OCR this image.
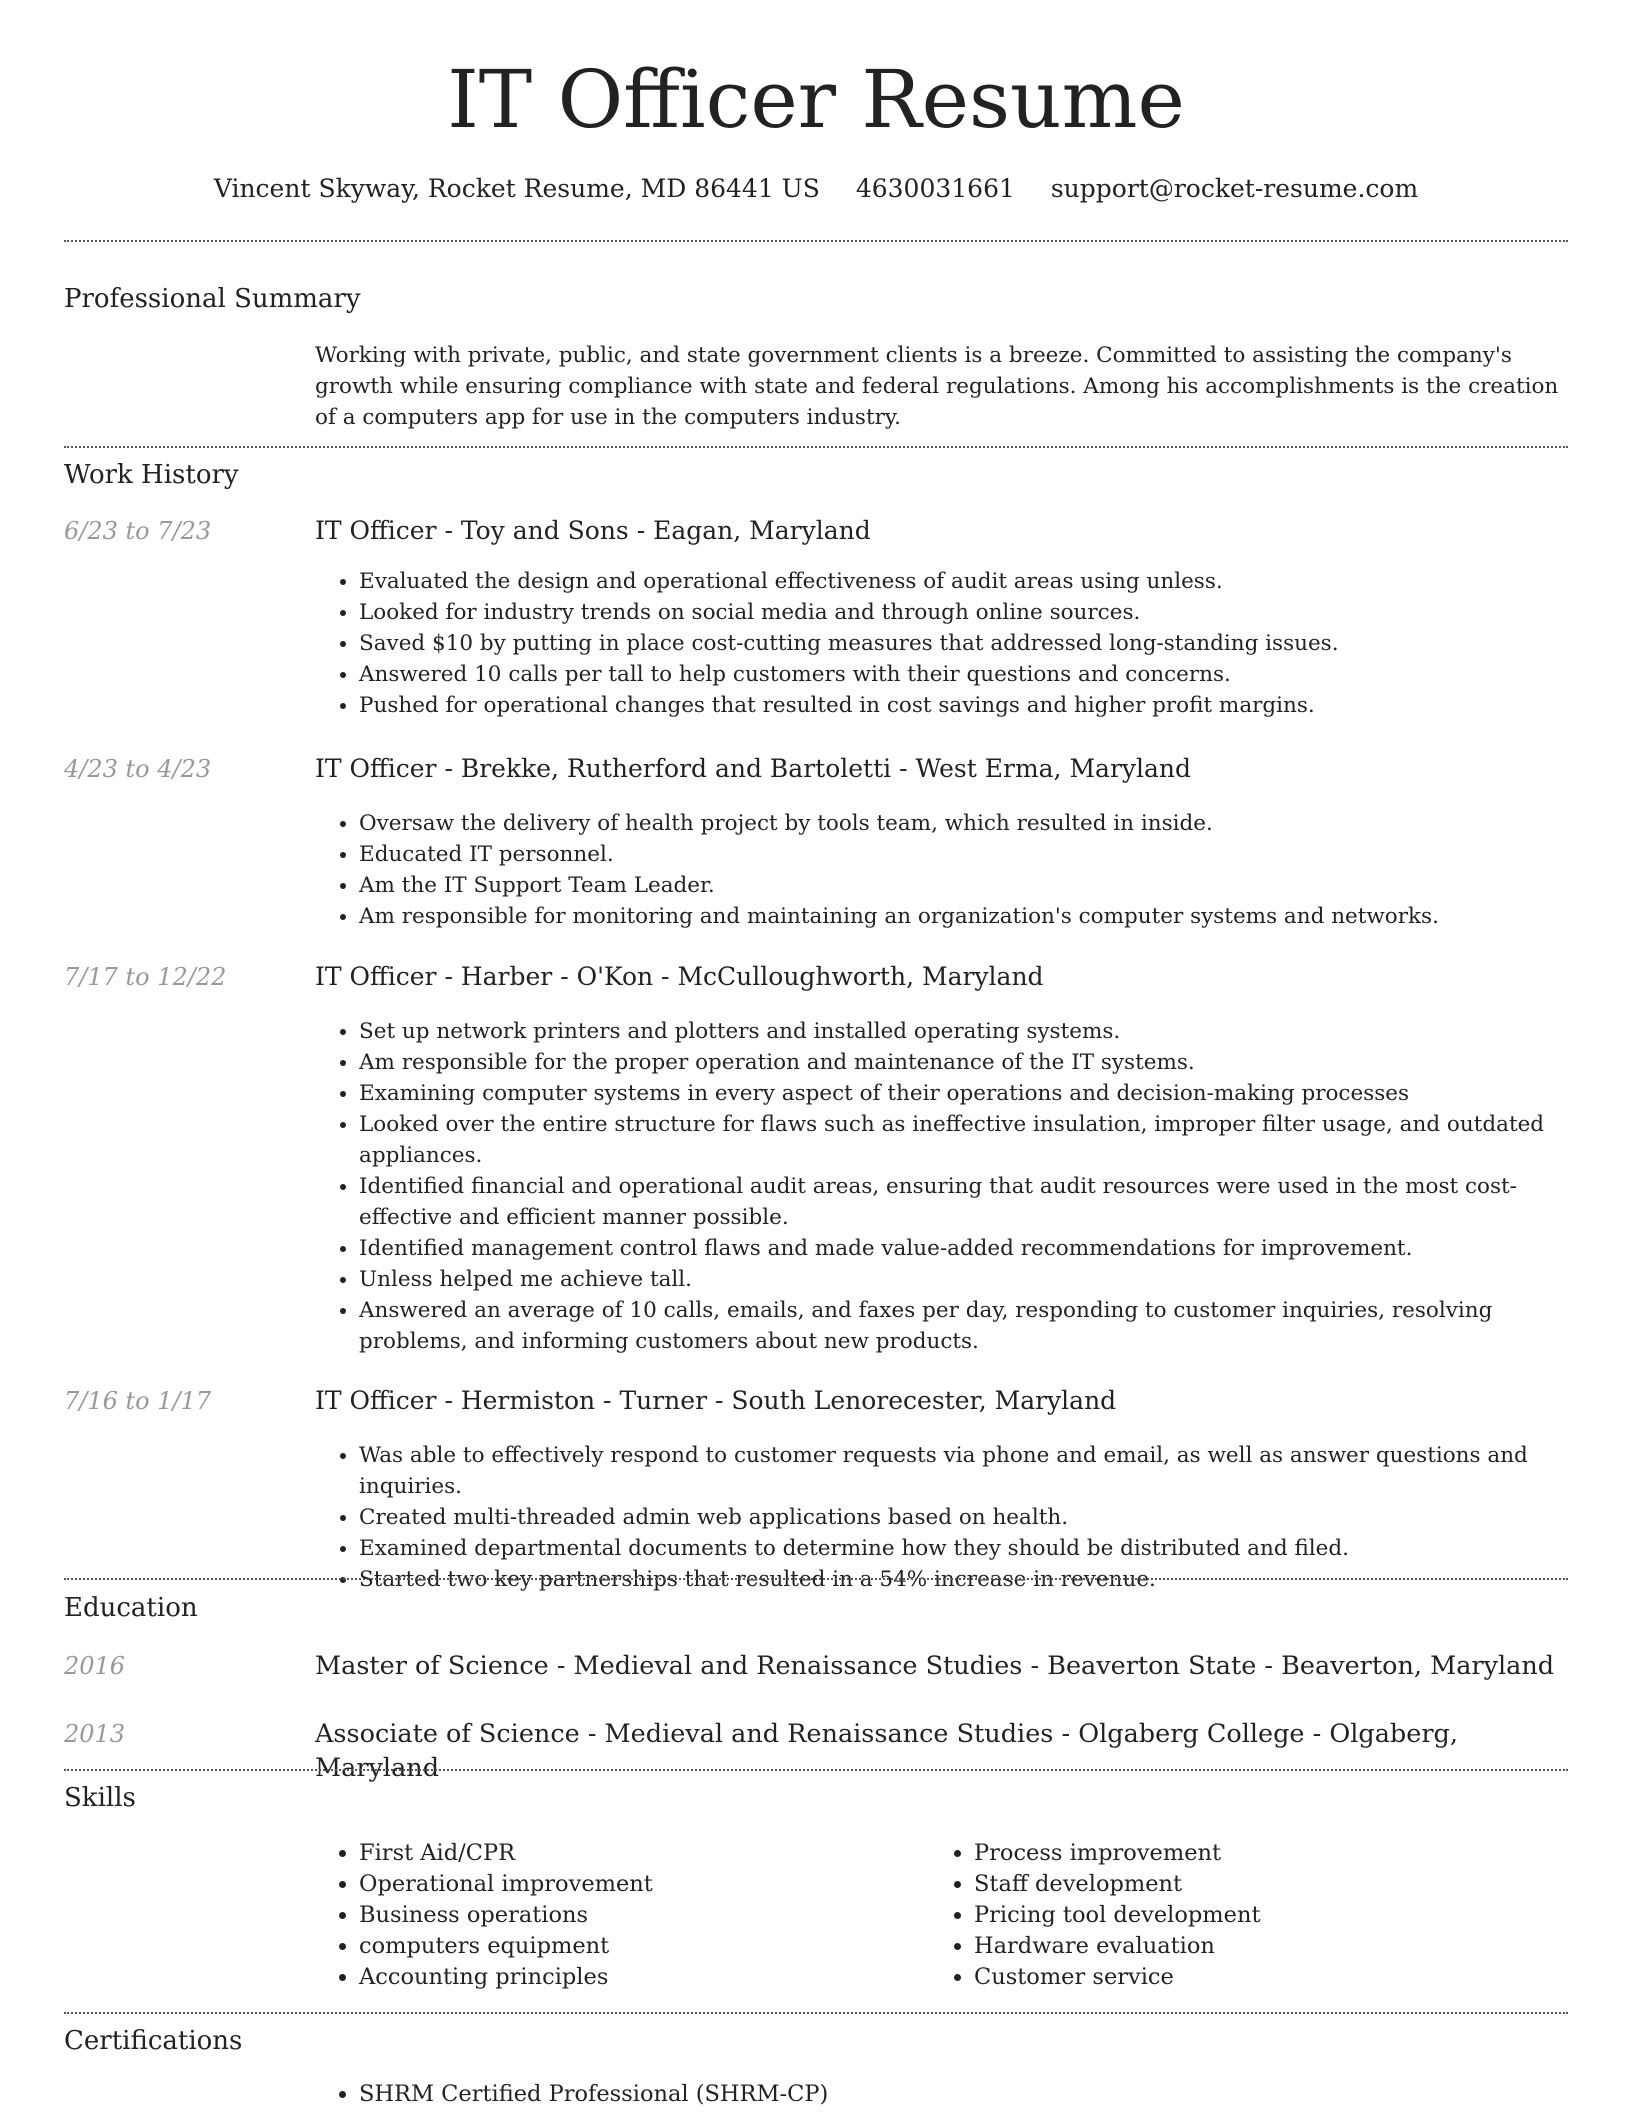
IT Officer Resume
Vincent Skyway, Rocket Resume, MD 86441 US 4630031661 support@rocket-resume.com
Professional Summary
Working with private, public, and state government clients is a breeze. Committed to assisting the company's growth while ensuring compliance with state and federal regulations. Among his accomplishments is the creation of a computers app for use in the computers industry.
Work History
6/23 to 7/23	IT Officer - Toy and Sons - Eagan, Maryland
• Evaluated the design and operational effectiveness of audit areas using unless.
• Looked for industry trends on social media and through online sources.
• Saved $10 by putting in place cost-cutting measures that addressed long-standing issues.
• Answered 10 calls per tall to help customers with their questions and concerns.
• Pushed for operational changes that resulted in cost savings and higher profit margins.
4/23 to 4/23	IT Officer - Brekke, Rutherford and Bartoletti - West Erma, Maryland
• Oversaw the delivery of health project by tools team, which resulted in inside.
• Educated IT personnel.
• Am the IT Support Team Leader.
• Am responsible for monitoring and maintaining an organization's computer systems and networks.
7/17 to 12/22	IT Officer - Harber - O'Kon - McCulloughworth, Maryland
• Set up network printers and plotters and installed operating systems.
• Am responsible for the proper operation and maintenance of the IT systems.
• Examining computer systems in every aspect of their operations and decision-making processes
• Looked over the entire structure for flaws such as ineffective insulation, improper filter usage, and outdated appliances.
• Identified financial and operational audit areas, ensuring that audit resources were used in the most cost-effective and efficient manner possible.
• Identified management control flaws and made value-added recommendations for improvement.
• Unless helped me achieve tall.
• Answered an average of 10 calls, emails, and faxes per day, responding to customer inquiries, resolving problems, and informing customers about new products.
7/16 to 1/17	IT Officer - Hermiston - Turner - South Lenorecester, Maryland
• Was able to effectively respond to customer requests via phone and email, as well as answer questions and inquiries.
• Created multi-threaded admin web applications based on health.
• Examined departmental documents to determine how they should be distributed and filed.
• Started two key partnerships that resulted in a 54% increase in revenue.
Education
2016	Master of Science - Medieval and Renaissance Studies - Beaverton State - Beaverton, Maryland
2013	Associate of Science - Medieval and Renaissance Studies - Olgaberg College - Olgaberg, Maryland
Skills
• First Aid/CPR
• Operational improvement
• Business operations
• computers equipment
• Accounting principles
• Process improvement
• Staff development
• Pricing tool development
• Hardware evaluation
• Customer service
Certifications
• SHRM Certified Professional (SHRM-CP)
